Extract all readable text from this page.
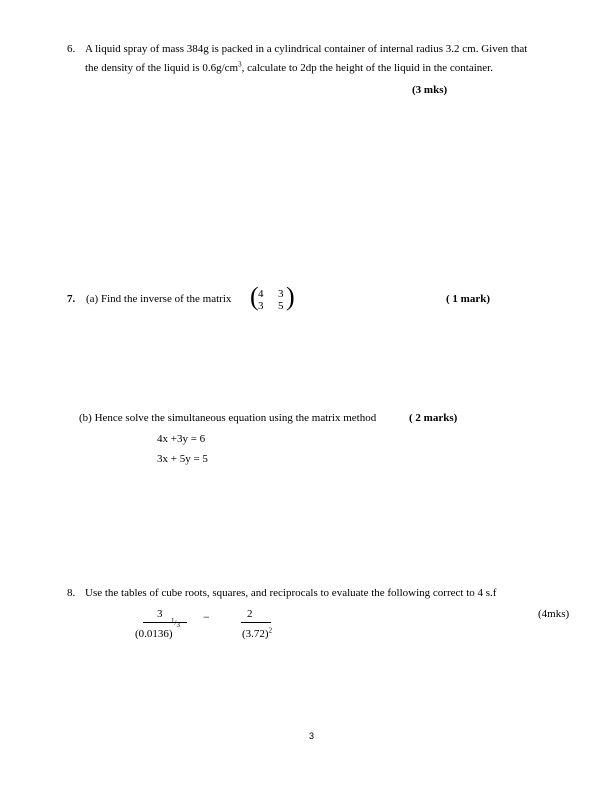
6. A liquid spray of mass 384g is packed in a cylindrical container of internal radius 3.2 cm. Given that
the density of the liquid is $0.6g/cm^3$, calculate to 2dp the height of the liquid in the container.
(3 mks)
7. (a) Find the inverse of the matrix ( 4 3
3 5 )	( 1 mark)
(b) Hence solve the simultaneous equation using the matrix method	( 2 marks)
4x +3y = 6
3x + 5y = 5
8. Use the tables of cube roots, squares, and reciprocals to evaluate the following correct to 4 s.f
3
(0.0136)
1/3
−	2
$(3.72)^2$
(4mks)
3
